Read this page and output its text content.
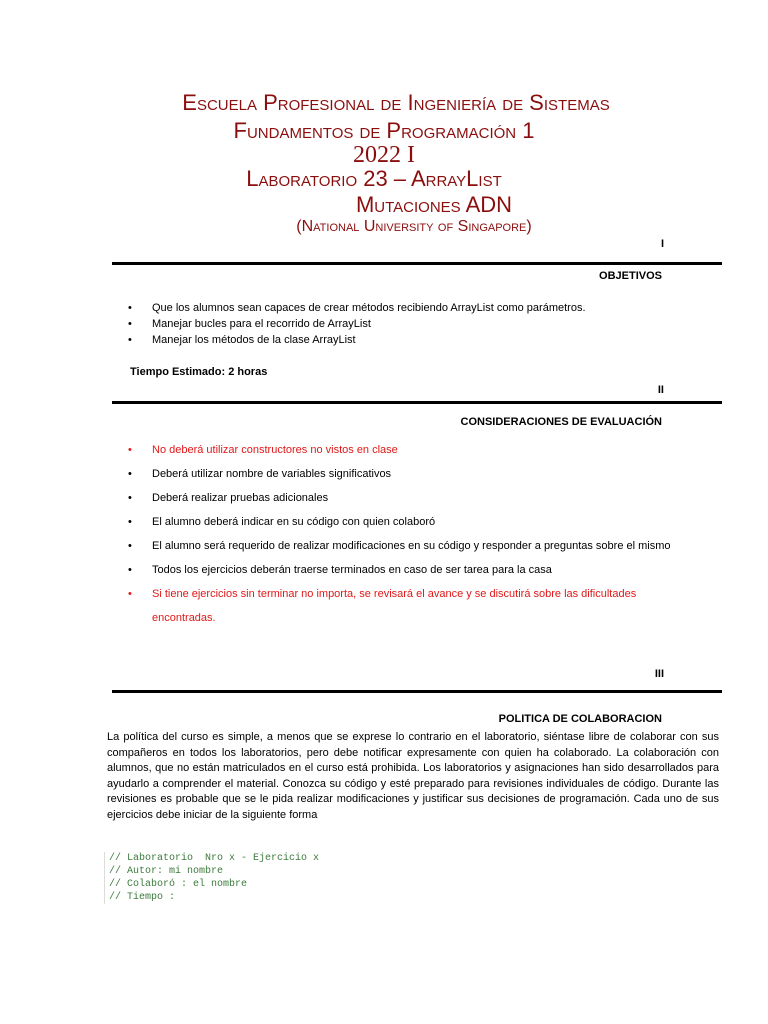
Escuela Profesional de Ingeniería de Sistemas
Fundamentos de Programación 1
2022 I
Laboratorio 23 – ArrayList
Mutaciones ADN
(National University of Singapore)
I
OBJETIVOS
• Que los alumnos sean capaces de crear métodos recibiendo ArrayList como parámetros.
• Manejar bucles para el recorrido de ArrayList
• Manejar los métodos de la clase ArrayList
Tiempo Estimado: 2 horas
II
CONSIDERACIONES DE EVALUACIÓN
• No deberá utilizar constructores no vistos en clase
• Deberá utilizar nombre de variables significativos
• Deberá realizar pruebas adicionales
• El alumno deberá indicar en su código con quien colaboró
• El alumno será requerido de realizar modificaciones en su código y responder a preguntas sobre el mismo
• Todos los ejercicios deberán traerse terminados en caso de ser tarea para la casa
• Si tiene ejercicios sin terminar no importa, se revisará el avance y se discutirá sobre las dificultades encontradas.
III
POLITICA DE COLABORACION
La política del curso es simple, a menos que se exprese lo contrario en el laboratorio, siéntase libre de colaborar con sus compañeros en todos los laboratorios, pero debe notificar expresamente con quien ha colaborado. La colaboración con alumnos, que no están matriculados en el curso está prohibida. Los laboratorios y asignaciones han sido desarrollados para ayudarlo a comprender el material. Conozca su código y esté preparado para revisiones individuales de código. Durante las revisiones es probable que se le pida realizar modificaciones y justificar sus decisiones de programación. Cada uno de sus ejercicios debe iniciar de la siguiente forma
// Laboratorio  Nro x - Ejercicio x
// Autor: mi nombre
// Colaboró : el nombre
// Tiempo :
